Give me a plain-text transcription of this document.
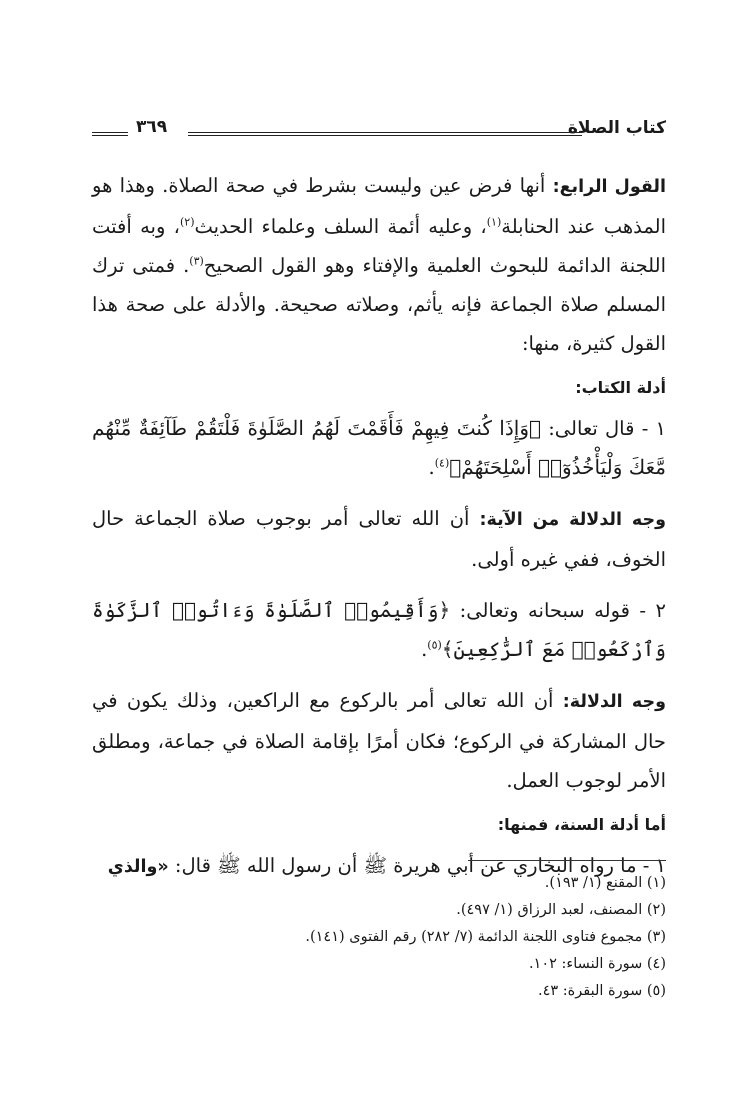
كتاب الصلاة
٣٦٩

القول الرابع: أنها فرض عين وليست بشرط في صحة الصلاة. وهذا هو المذهب عند الحنابلة$^{(١)}$، وعليه أئمة السلف وعلماء الحديث$^{(٢)}$، وبه أفتت اللجنة الدائمة للبحوث العلمية والإفتاء وهو القول الصحيح$^{(٣)}$. فمتى ترك المسلم صلاة الجماعة فإنه يأثم، وصلاته صحيحة. والأدلة على صحة هذا القول كثيرة، منها:

أدلة الكتاب:

١ - قال تعالى: ﴿وَإِذَا كُنتَ فِيهِمْ فَأَقَمْتَ لَهُمُ الصَّلَوٰةَ فَلْتَقُمْ طَآئِفَةٌ مِّنْهُم مَّعَكَ وَلْيَأْخُذُوٓا۟ أَسْلِحَتَهُمْ﴾$^{(٤)}$.

وجه الدلالة من الآية: أن الله تعالى أمر بوجوب صلاة الجماعة حال الخوف، ففي غيره أولى.

٢ - قوله سبحانه وتعالى: ﴿وَأَقِيمُوا۟ ٱلصَّلَوٰةَ وَءَاتُوا۟ ٱلزَّكَوٰةَ وَٱرْكَعُوا۟ مَعَ ٱلرَّٰكِعِينَ﴾$^{(٥)}$.

وجه الدلالة: أن الله تعالى أمر بالركوع مع الراكعين، وذلك يكون في حال المشاركة في الركوع؛ فكان أمرًا بإقامة الصلاة في جماعة، ومطلق الأمر لوجوب العمل.

أما أدلة السنة، فمنها:

١ - ما رواه البخاري عن أبي هريرة ﷺ أن رسول الله ﷺ قال: «والذي

(١) المقنع (١/ ١٩٣).
(٢) المصنف، لعبد الرزاق (١/ ٤٩٧).
(٣) مجموع فتاوى اللجنة الدائمة (٧/ ٢٨٢) رقم الفتوى (١٤١).
(٤) سورة النساء: ١٠٢.
(٥) سورة البقرة: ٤٣.
